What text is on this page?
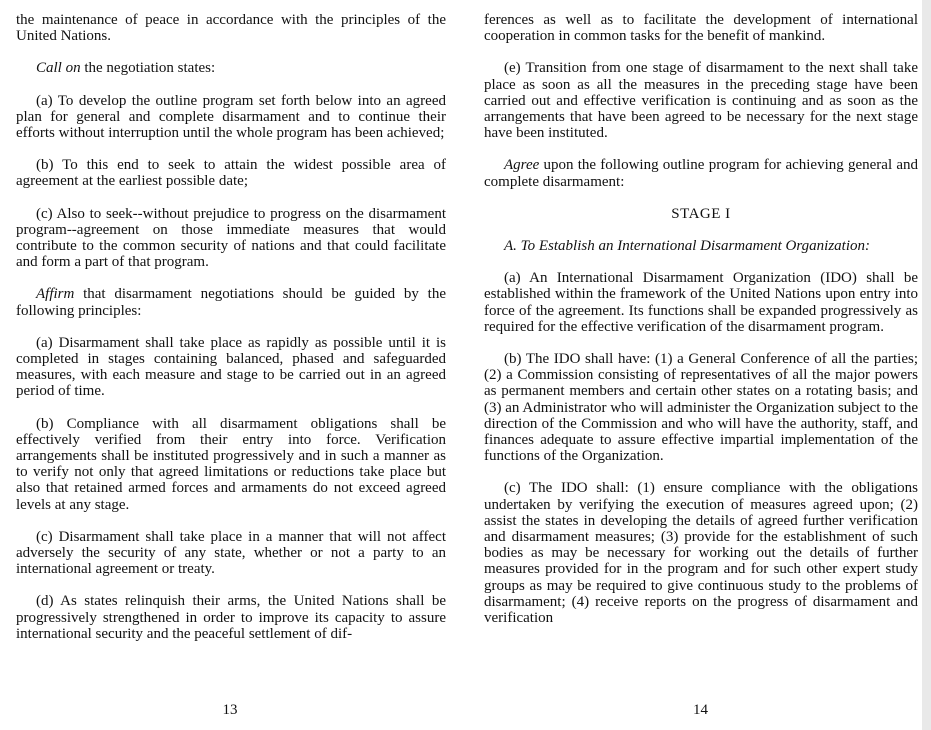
the maintenance of peace in accordance with the principles of the United Nations.

Call on the negotiation states:

(a) To develop the outline program set forth below into an agreed plan for general and complete disarmament and to continue their efforts without interruption until the whole program has been achieved;

(b) To this end to seek to attain the widest possible area of agreement at the earliest possible date;

(c) Also to seek--without prejudice to progress on the disarmament program--agreement on those immediate measures that would contribute to the common security of nations and that could facilitate and form a part of that program.

Affirm that disarmament negotiations should be guided by the following principles:

(a) Disarmament shall take place as rapidly as possible until it is completed in stages containing balanced, phased and safeguarded measures, with each measure and stage to be carried out in an agreed period of time.

(b) Compliance with all disarmament obligations shall be effectively verified from their entry into force. Verification arrangements shall be instituted progressively and in such a manner as to verify not only that agreed limitations or reductions take place but also that retained armed forces and armaments do not exceed agreed levels at any stage.

(c) Disarmament shall take place in a manner that will not affect adversely the security of any state, whether or not a party to an international agreement or treaty.

(d) As states relinquish their arms, the United Nations shall be progressively strengthened in order to improve its capacity to assure international security and the peaceful settlement of dif-

13

ferences as well as to facilitate the development of international cooperation in common tasks for the benefit of mankind.

(e) Transition from one stage of disarmament to the next shall take place as soon as all the measures in the preceding stage have been carried out and effective verification is continuing and as soon as the arrangements that have been agreed to be necessary for the next stage have been instituted.

Agree upon the following outline program for achieving general and complete disarmament:

STAGE I

A. To Establish an International Disarmament Organization:

(a) An International Disarmament Organization (IDO) shall be established within the framework of the United Nations upon entry into force of the agreement. Its functions shall be expanded progressively as required for the effective verification of the disarmament program.

(b) The IDO shall have: (1) a General Conference of all the parties; (2) a Commission consisting of representatives of all the major powers as permanent members and certain other states on a rotating basis; and (3) an Administrator who will administer the Organization subject to the direction of the Commission and who will have the authority, staff, and finances adequate to assure effective impartial implementation of the functions of the Organization.

(c) The IDO shall: (1) ensure compliance with the obligations undertaken by verifying the execution of measures agreed upon; (2) assist the states in developing the details of agreed further verification and disarmament measures; (3) provide for the establishment of such bodies as may be necessary for working out the details of further measures provided for in the program and for such other expert study groups as may be required to give continuous study to the problems of disarmament; (4) receive reports on the progress of disarmament and verification

14
